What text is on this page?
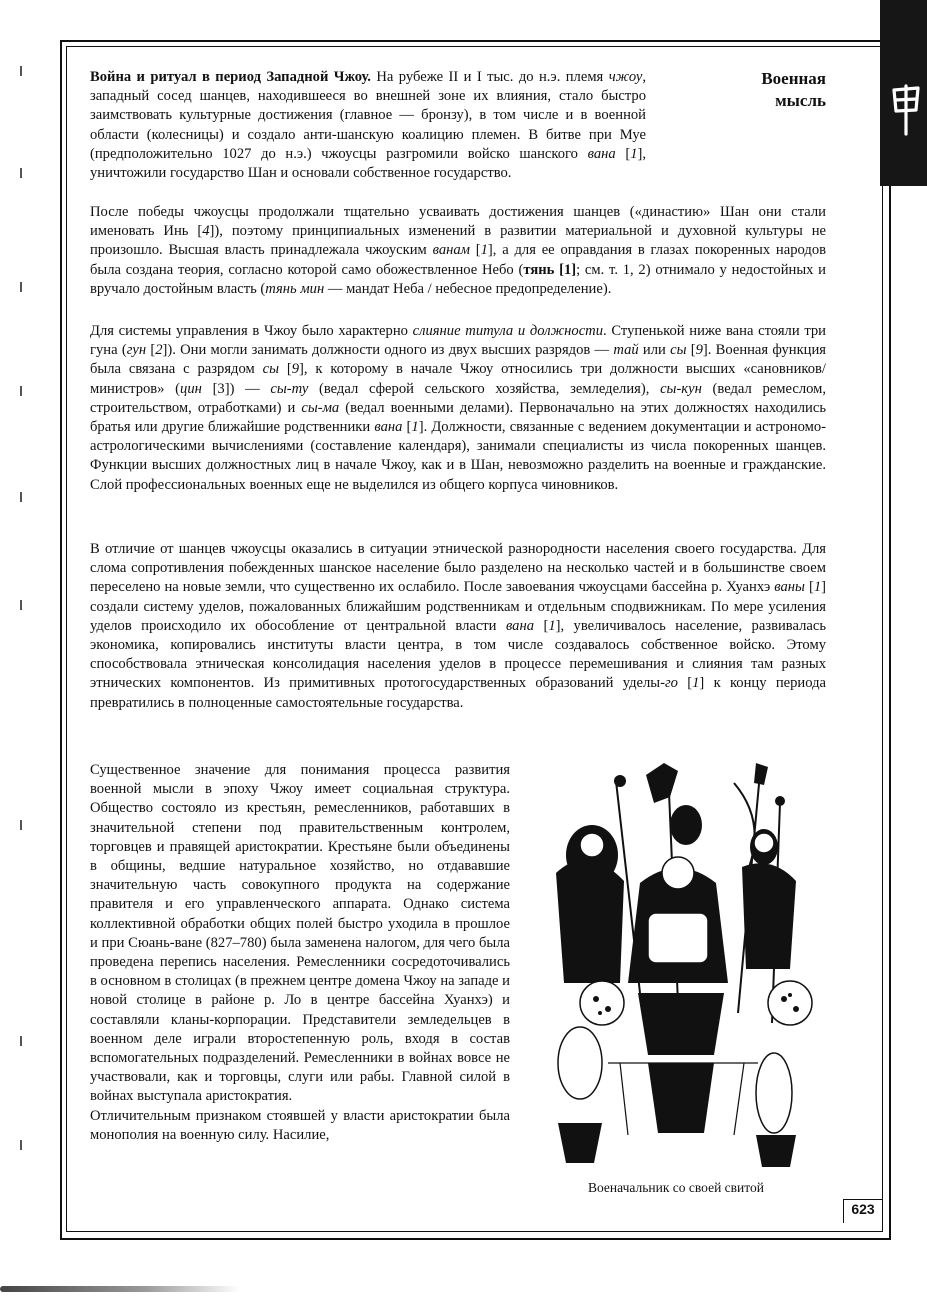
Военная
мысль

Война и ритуал в период Западной Чжоу. На рубеже II и I тыс. до н.э. племя чжоу, западный сосед шанцев, находившееся во внешней зоне их влияния, стало быстро заимствовать культурные достижения (главное — бронзу), в том числе и в военной области (колесницы) и создало анти-шанскую коалицию племен. В битве при Муе (предположительно 1027 до н.э.) чжоусцы разгромили войско шанского вана [1], уничтожили государство Шан и основали собственное государство.

После победы чжоусцы продолжали тщательно усваивать достижения шанцев («династию» Шан они стали именовать Инь [4]), поэтому принципиальных изменений в развитии материальной и духовной культуры не произошло. Высшая власть принадлежала чжоуским ванам [1], а для ее оправдания в глазах покоренных народов была создана теория, согласно которой само обожествленное Небо (тянь [1]; см. т. 1, 2) отнимало у недостойных и вручало достойным власть (тянь мин — мандат Неба / небесное предопределение).

Для системы управления в Чжоу было характерно слияние титула и должности. Ступенькой ниже вана стояли три гуна (гун [2]). Они могли занимать должности одного из двух высших разрядов — тай или сы [9]. Военная функция была связана с разрядом сы [9], к которому в начале Чжоу относились три должности высших «сановников/министров» (цин [3]) — сы-ту (ведал сферой сельского хозяйства, земледелия), сы-кун (ведал ремеслом, строительством, отработками) и сы-ма (ведал военными делами). Первоначально на этих должностях находились братья или другие ближайшие родственники вана [1]. Должности, связанные с ведением документации и астрономо-астрологическими вычислениями (составление календаря), занимали специалисты из числа покоренных шанцев. Функции высших должностных лиц в начале Чжоу, как и в Шан, невозможно разделить на военные и гражданские. Слой профессиональных военных еще не выделился из общего корпуса чиновников.

В отличие от шанцев чжоусцы оказались в ситуации этнической разнородности населения своего государства. Для слома сопротивления побежденных шанское население было разделено на несколько частей и в большинстве своем переселено на новые земли, что существенно их ослабило. После завоевания чжоусцами бассейна р. Хуанхэ ваны [1] создали систему уделов, пожалованных ближайшим родственникам и отдельным сподвижникам. По мере усиления уделов происходило их обособление от центральной власти вана [1], увеличивалось население, развивалась экономика, копировались институты власти центра, в том числе создавалось собственное войско. Этому способствовала этническая консолидация населения уделов в процессе перемешивания и слияния там разных этнических компонентов. Из примитивных протогосударственных образований уделы-го [1] к концу периода превратились в полноценные самостоятельные государства.

Существенное значение для понимания процесса развития военной мысли в эпоху Чжоу имеет социальная структура. Общество состояло из крестьян, ремесленников, работавших в значительной степени под правительственным контролем, торговцев и правящей аристократии. Крестьяне были объединены в общины, ведшие натуральное хозяйство, но отдававшие значительную часть совокупного продукта на содержание правителя и его управленческого аппарата. Однако система коллективной обработки общих полей быстро уходила в прошлое и при Сюань-ване (827–780) была заменена налогом, для чего была проведена перепись населения. Ремесленники сосредоточивались в основном в столицах (в прежнем центре домена Чжоу на западе и новой столице в районе р. Ло в центре бассейна Хуанхэ) и составляли кланы-корпорации. Представители земледельцев в военном деле играли второстепенную роль, входя в состав вспомогательных подразделений. Ремесленники в войнах вовсе не участвовали, как и торговцы, слуги или рабы. Главной силой в войнах выступала аристократия.
Отличительным признаком стоявшей у власти аристократии была монополия на военную силу. Насилие,
Военачальник со своей свитой
623
